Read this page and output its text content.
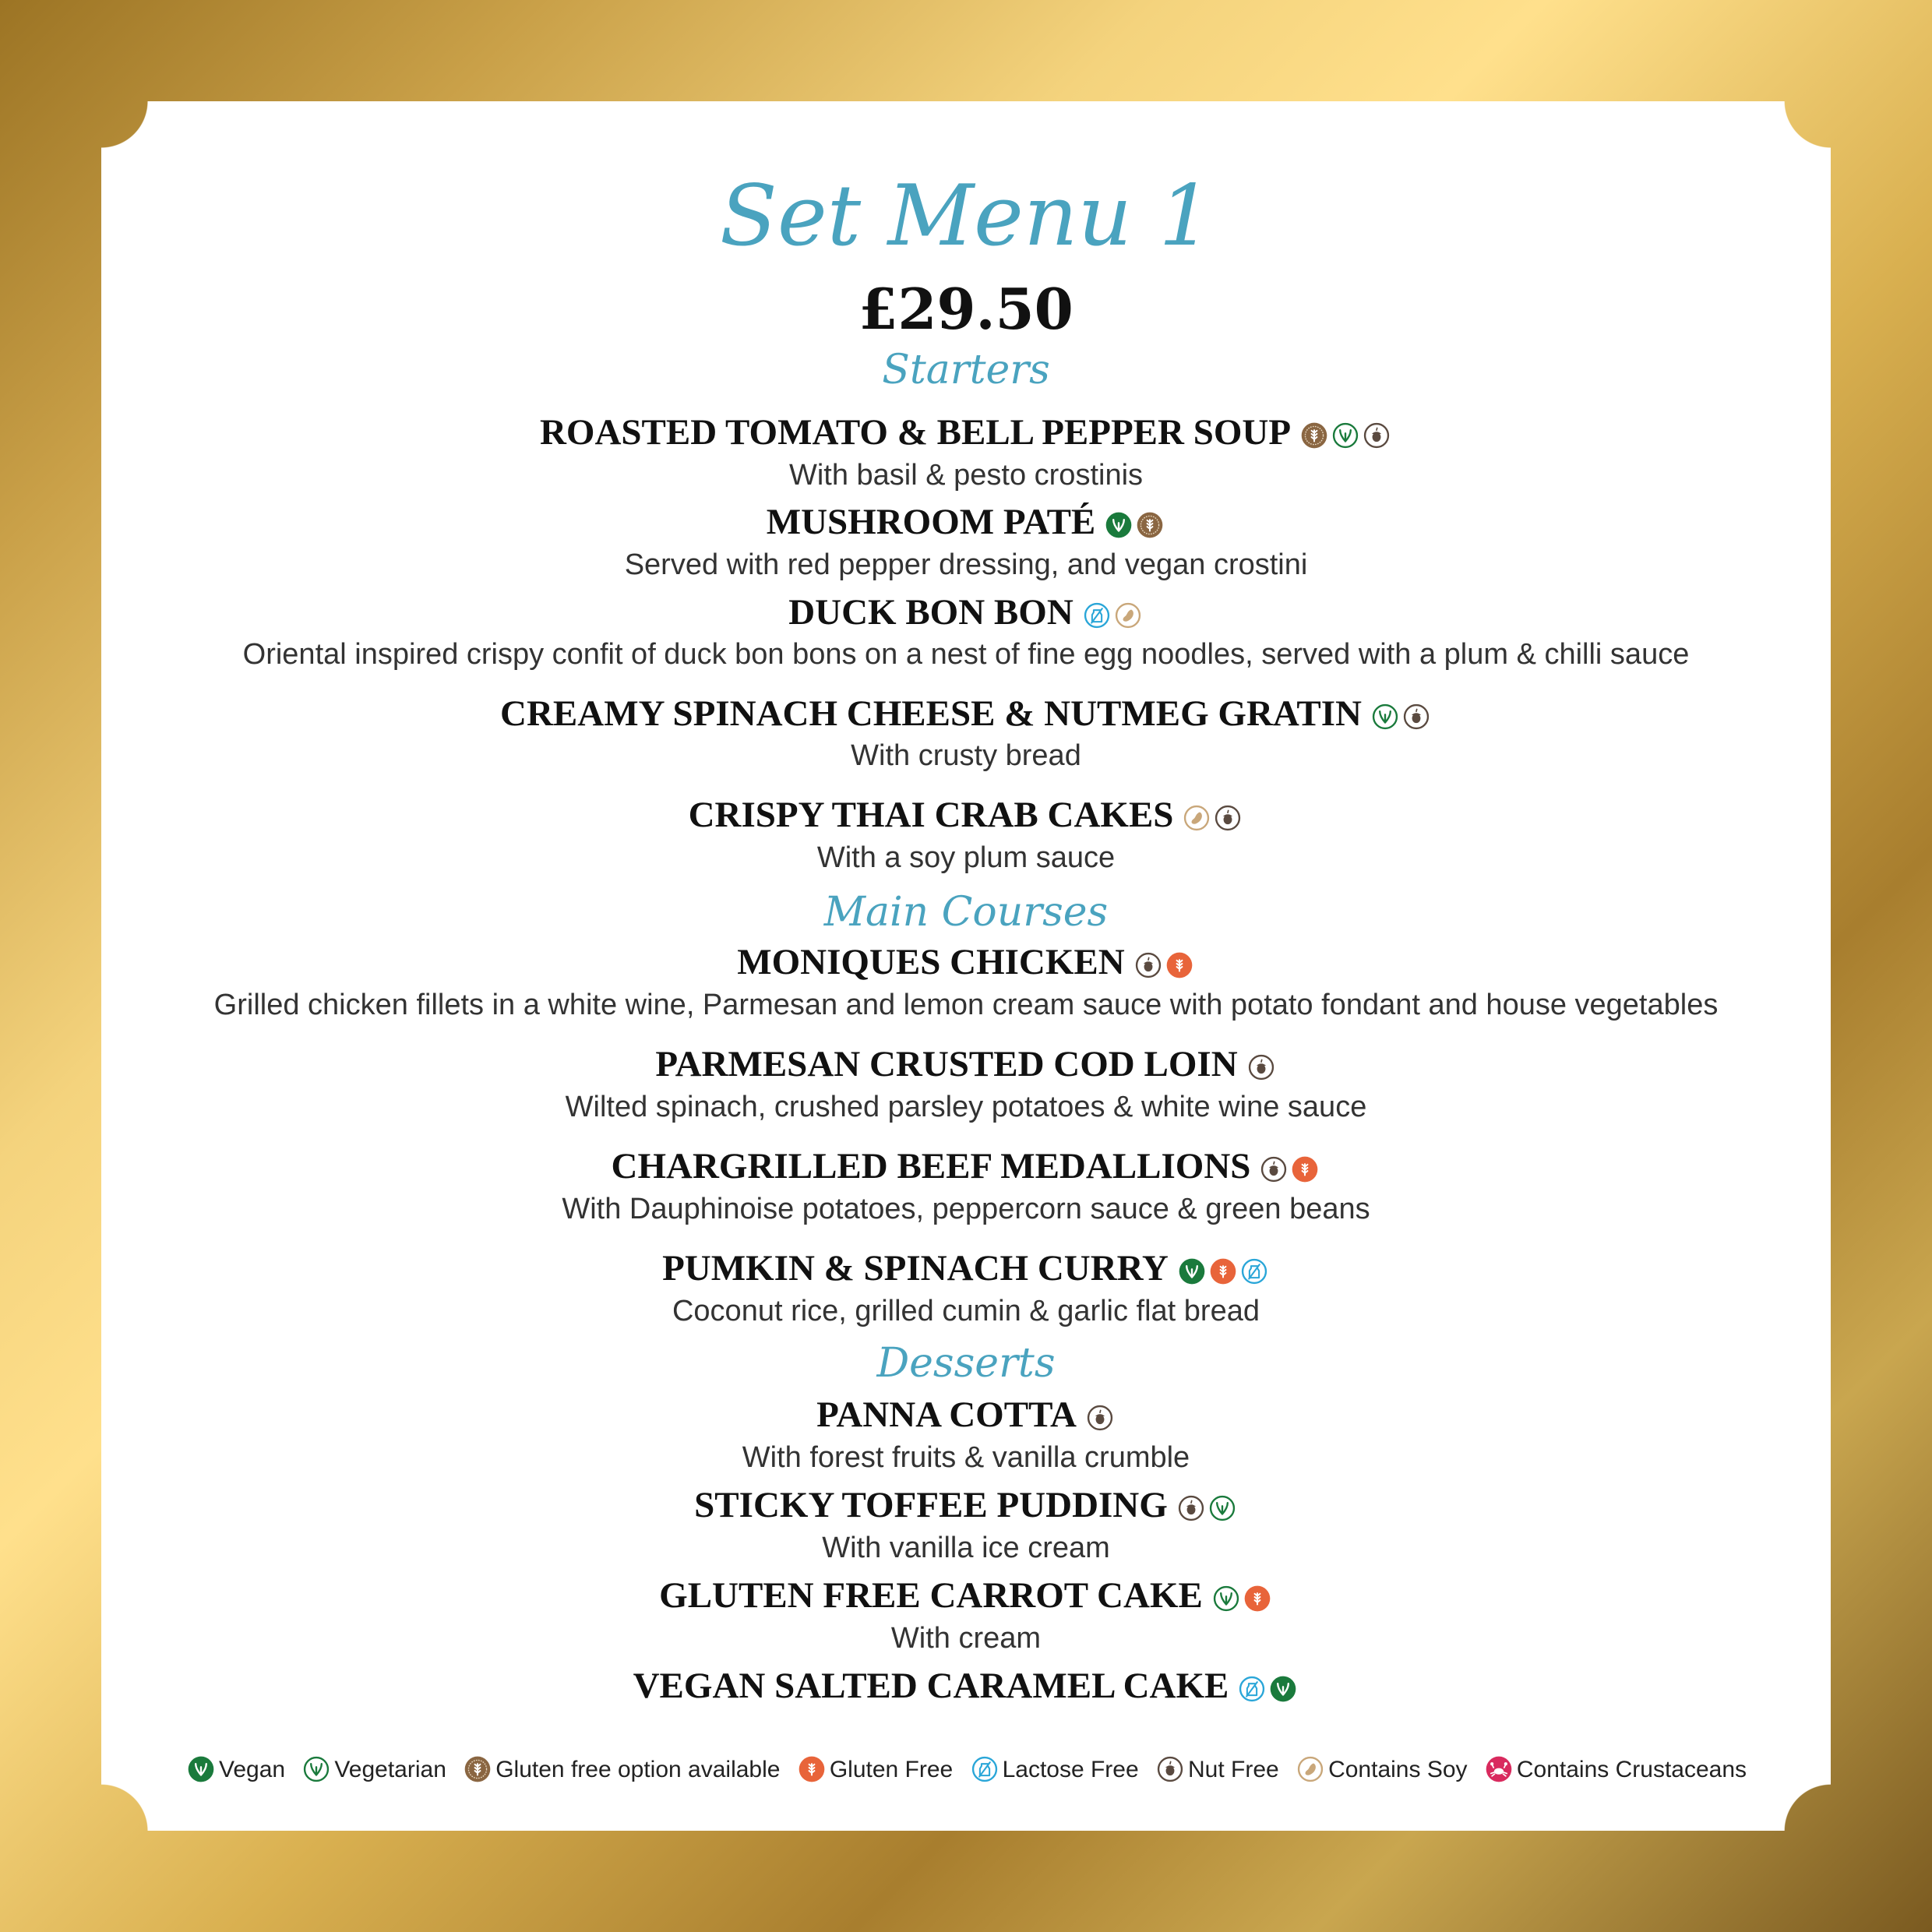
Set Menu 1
£29.50
Starters
ROASTED TOMATO & BELL PEPPER SOUP
With basil & pesto crostinis
MUSHROOM PATÉ
Served with red pepper dressing, and vegan crostini
DUCK BON BON
Oriental inspired crispy confit of duck bon bons on a nest of fine egg noodles, served with a plum & chilli sauce
CREAMY SPINACH CHEESE & NUTMEG GRATIN
With crusty bread
CRISPY THAI CRAB CAKES
With a soy plum sauce
Main Courses
MONIQUES CHICKEN
Grilled chicken fillets in a white wine, Parmesan and lemon cream sauce with potato fondant and house vegetables
PARMESAN CRUSTED COD LOIN
Wilted spinach, crushed parsley potatoes & white wine sauce
CHARGRILLED BEEF MEDALLIONS
With Dauphinoise potatoes, peppercorn sauce & green beans
PUMKIN & SPINACH CURRY
Coconut rice, grilled cumin & garlic flat bread
Desserts
PANNA COTTA
With forest fruits & vanilla crumble
STICKY TOFFEE PUDDING
With vanilla ice cream
GLUTEN FREE CARROT CAKE
With cream
VEGAN SALTED CARAMEL CAKE
Vegan Vegetarian Gluten free option available Gluten Free Lactose Free Nut Free Contains Soy Contains Crustaceans
